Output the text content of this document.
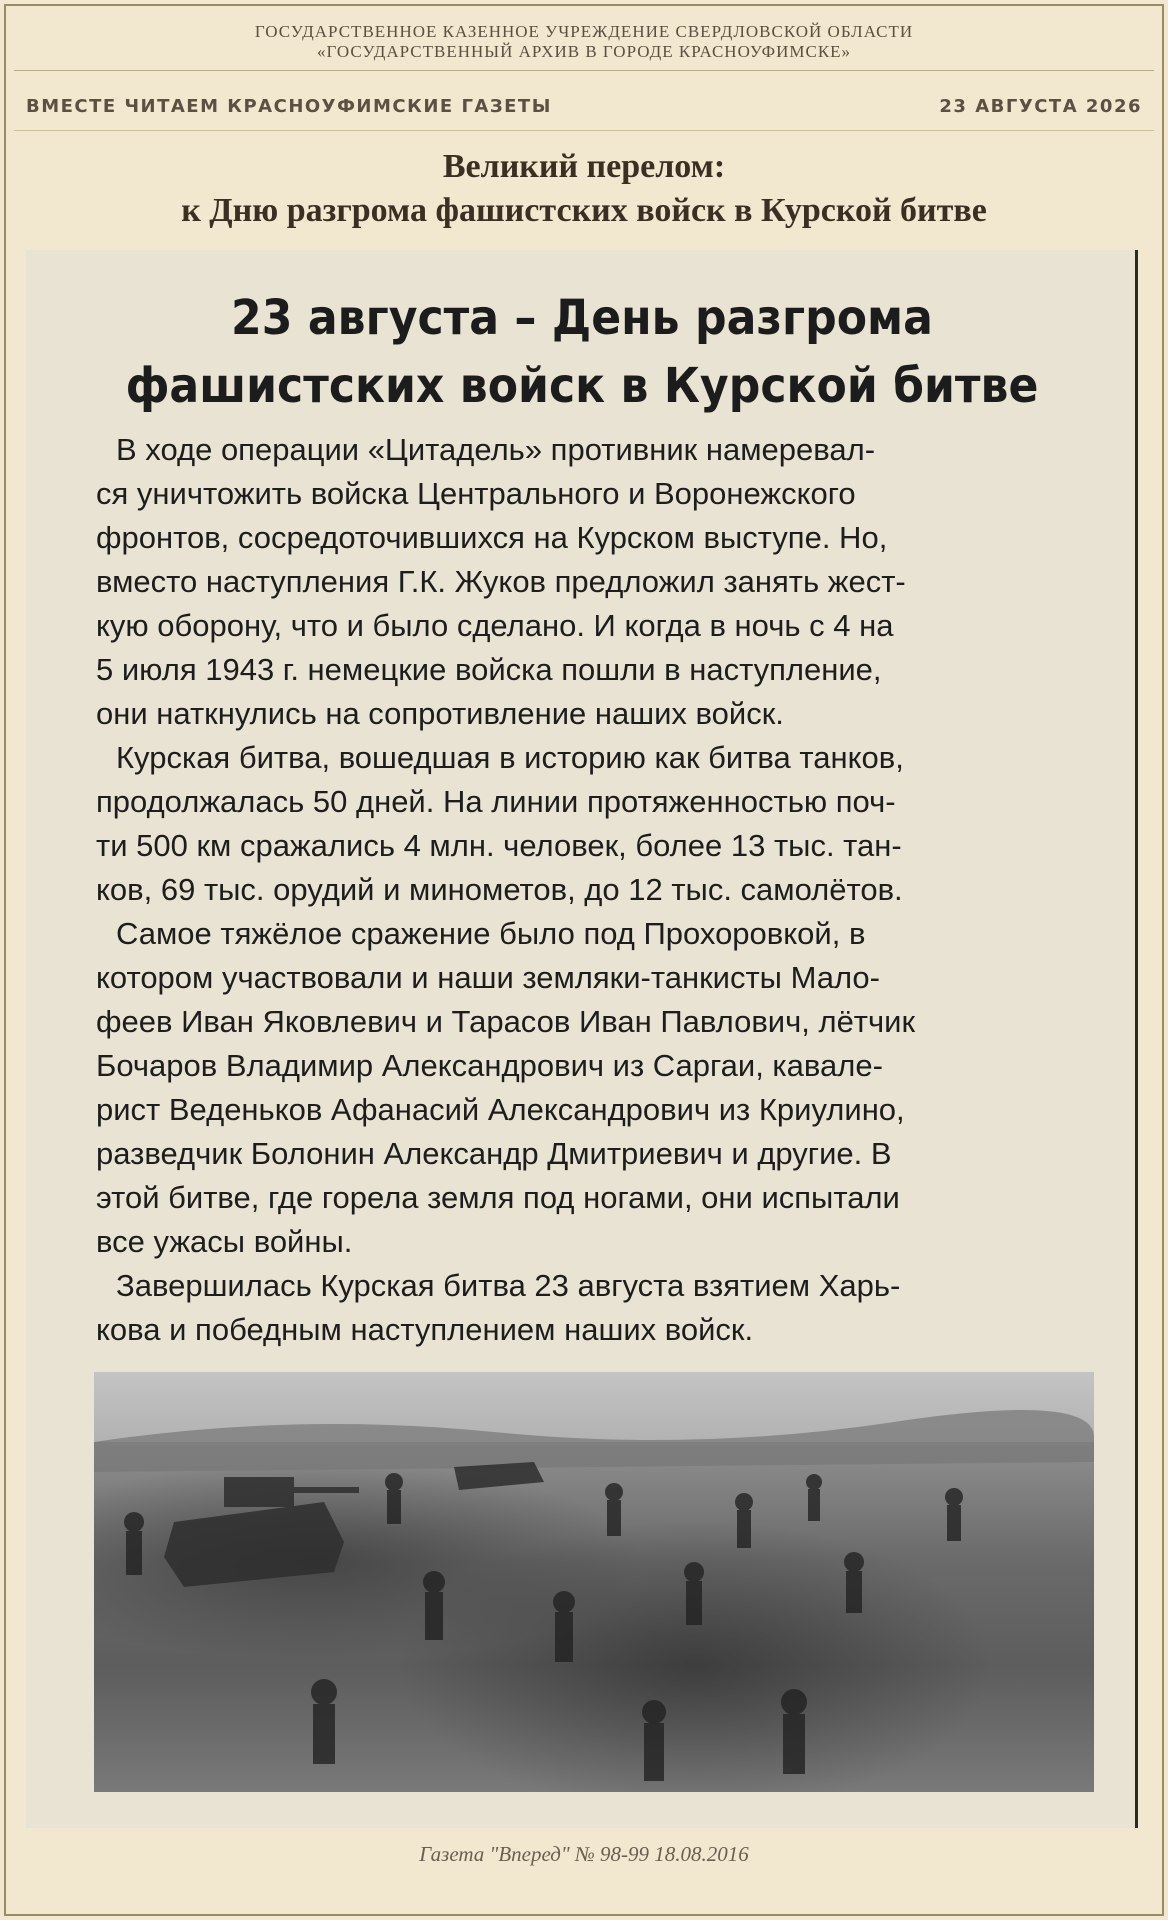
ГОСУДАРСТВЕННОЕ КАЗЕННОЕ УЧРЕЖДЕНИЕ СВЕРДЛОВСКОЙ ОБЛАСТИ
«ГОСУДАРСТВЕННЫЙ АРХИВ В ГОРОДЕ КРАСНОУФИМСКЕ»
ВМЕСТЕ ЧИТАЕМ КРАСНОУФИМСКИЕ ГАЗЕТЫ	23 АВГУСТА 2026
Великий перелом:
к Дню разгрома фашистских войск в Курской битве
23 августа – День разгрома
фашистских войск в Курской битве
В ходе операции «Цитадель» противник намеревал-
ся уничтожить войска Центрального и Воронежского
фронтов, сосредоточившихся на Курском выступе. Но,
вместо наступления Г.К. Жуков предложил занять жест-
кую оборону, что и было сделано. И когда в ночь с 4 на
5 июля 1943 г. немецкие войска пошли в наступление,
они наткнулись на сопротивление наших войск.
Курская битва, вошедшая в историю как битва танков,
продолжалась 50 дней. На линии протяженностью поч-
ти 500 км сражались 4 млн. человек, более 13 тыс. тан-
ков, 69 тыс. орудий и минометов, до 12 тыс. самолётов.
Самое тяжёлое сражение было под Прохоровкой, в
котором участвовали и наши земляки-танкисты Мало-
феев Иван Яковлевич и Тарасов Иван Павлович, лётчик
Бочаров Владимир Александрович из Саргаи, кавале-
рист Веденьков Афанасий Александрович из Криулино,
разведчик Болонин Александр Дмитриевич и другие. В
этой битве, где горела земля под ногами, они испытали
все ужасы войны.
Завершилась Курская битва 23 августа взятием Харь-
кова и победным наступлением наших войск.
Газета "Вперед" № 98-99 18.08.2016
